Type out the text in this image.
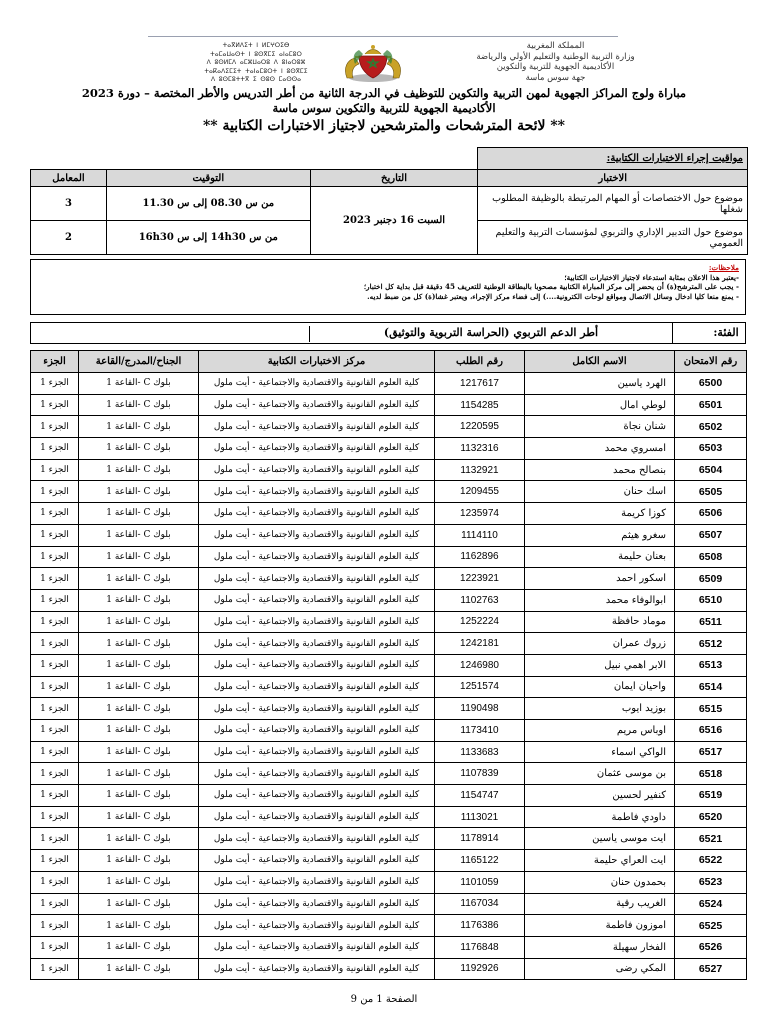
ⵜⴰⴳⵍⴷⵉⵜ ⵏ ⵍⵎⵖⵔⵉⴱ
ⵜⴰⵎⴰⵡⴰⵙⵜ ⵏ ⵓⵙⴳⵎⵉ ⴰⵏⴰⵎⵓⵔ
ⴷ ⵓⵙⵍⵎⴷ ⴰⵎⵣⵡⴰⵔⵓ ⴷ ⵓⵏⴰⵔⵓⵣ
ⵜⴰⴽⴰⴷⵉⵎⵉⵜ ⵜⴰⵏⴰⵎⵓⵔⵜ ⵏ ⵓⵙⴳⵎⵉ
ⴷ ⵓⵙⵎⵓⵜⵜⴳ ⵉ ⵙⵓⵙ ⵎⴰⵙⵙⴰ
المملكة المغربية
وزارة التربية الوطنية والتعليم الأولي والرياضة
الأكاديمية الجهوية للتربية والتكوين
جهة سوس ماسة
مباراة ولوج المراكز الجهوية لمهن التربية والتكوين للتوظيف في الدرجة الثانية من أطر التدريس والأطر المختصة – دورة 2023
الأكاديمية الجهوية للتربية والتكوين سوس ماسة
** لائحة المترشحات والمترشحين لاجتياز الاختبارات الكتابية **
مواقيت إجراء الاختبارات الكتابية:			
الاختبار	التاريخ	التوقيت	المعامل
موضوع حول الاختصاصات أو المهام المرتبطة بالوظيفة المطلوب شغلها	السبت 16 دجنبر 2023	من س 08.30 إلى س 11.30	3
موضوع حول التدبير الإداري والتربوي لمؤسسات التربية والتعليم العمومي		من س 14h30 إلى س 16h30	2
ملاحظات:
-يعتبر هذا الاعلان بمثابة استدعاء لاجتياز الاختبارات الكتابية؛
- يجب على المترشح(ة) أن يحضر إلى مركز المباراة الكتابية مصحوبا بالبطاقة الوطنية للتعريف 45 دقيقة قبل بداية كل اختبار؛
- يمنع منعا كليا ادخال وسائل الاتصال ومواقع لوحات الكترونية....) إلى فضاء مركز الإجراء، ويعتبر غشا(ة) كل من ضبط لديه.
الفئة:
أطر الدعم التربوي (الحراسة التربوية والتوثيق)
رقم الامتحان	الاسم الكامل	رقم الطلب	مركز الاختبارات الكتابية	الجناح/المدرج/القاعة	الجزء
6500	الهرد ياسين	1217617	كلية العلوم القانونية والاقتصادية والاجتماعية - أيت ملول	بلوك C -القاعة 1	الجزء 1
6501	لوطي امال	1154285	كلية العلوم القانونية والاقتصادية والاجتماعية - أيت ملول	بلوك C -القاعة 1	الجزء 1
6502	شنان نجاة	1220595	كلية العلوم القانونية والاقتصادية والاجتماعية - أيت ملول	بلوك C -القاعة 1	الجزء 1
6503	امسروي محمد	1132316	كلية العلوم القانونية والاقتصادية والاجتماعية - أيت ملول	بلوك C -القاعة 1	الجزء 1
6504	بنصالح محمد	1132921	كلية العلوم القانونية والاقتصادية والاجتماعية - أيت ملول	بلوك C -القاعة 1	الجزء 1
6505	اسك حنان	1209455	كلية العلوم القانونية والاقتصادية والاجتماعية - أيت ملول	بلوك C -القاعة 1	الجزء 1
6506	كوزا كريمة	1235974	كلية العلوم القانونية والاقتصادية والاجتماعية - أيت ملول	بلوك C -القاعة 1	الجزء 1
6507	سغرو هيثم	1114110	كلية العلوم القانونية والاقتصادية والاجتماعية - أيت ملول	بلوك C -القاعة 1	الجزء 1
6508	بعنان حليمة	1162896	كلية العلوم القانونية والاقتصادية والاجتماعية - أيت ملول	بلوك C -القاعة 1	الجزء 1
6509	اسكور احمد	1223921	كلية العلوم القانونية والاقتصادية والاجتماعية - أيت ملول	بلوك C -القاعة 1	الجزء 1
6510	ابوالوفاء محمد	1102763	كلية العلوم القانونية والاقتصادية والاجتماعية - أيت ملول	بلوك C -القاعة 1	الجزء 1
6511	موماد حافظة	1252224	كلية العلوم القانونية والاقتصادية والاجتماعية - أيت ملول	بلوك C -القاعة 1	الجزء 1
6512	زروك عمران	1242181	كلية العلوم القانونية والاقتصادية والاجتماعية - أيت ملول	بلوك C -القاعة 1	الجزء 1
6513	الابر اهمي نبيل	1246980	كلية العلوم القانونية والاقتصادية والاجتماعية - أيت ملول	بلوك C -القاعة 1	الجزء 1
6514	واحيان ايمان	1251574	كلية العلوم القانونية والاقتصادية والاجتماعية - أيت ملول	بلوك C -القاعة 1	الجزء 1
6515	بوزيد ايوب	1190498	كلية العلوم القانونية والاقتصادية والاجتماعية - أيت ملول	بلوك C -القاعة 1	الجزء 1
6516	اوباس مريم	1173410	كلية العلوم القانونية والاقتصادية والاجتماعية - أيت ملول	بلوك C -القاعة 1	الجزء 1
6517	الواكي اسماء	1133683	كلية العلوم القانونية والاقتصادية والاجتماعية - أيت ملول	بلوك C -القاعة 1	الجزء 1
6518	بن موسى عثمان	1107839	كلية العلوم القانونية والاقتصادية والاجتماعية - أيت ملول	بلوك C -القاعة 1	الجزء 1
6519	كنفير لحسين	1154747	كلية العلوم القانونية والاقتصادية والاجتماعية - أيت ملول	بلوك C -القاعة 1	الجزء 1
6520	داودي فاطمة	1113021	كلية العلوم القانونية والاقتصادية والاجتماعية - أيت ملول	بلوك C -القاعة 1	الجزء 1
6521	ايت موسى ياسين	1178914	كلية العلوم القانونية والاقتصادية والاجتماعية - أيت ملول	بلوك C -القاعة 1	الجزء 1
6522	ايت العراي حليمة	1165122	كلية العلوم القانونية والاقتصادية والاجتماعية - أيت ملول	بلوك C -القاعة 1	الجزء 1
6523	بحمدون حنان	1101059	كلية العلوم القانونية والاقتصادية والاجتماعية - أيت ملول	بلوك C -القاعة 1	الجزء 1
6524	الغريب رقية	1167034	كلية العلوم القانونية والاقتصادية والاجتماعية - أيت ملول	بلوك C -القاعة 1	الجزء 1
6525	اموزون فاطمة	1176386	كلية العلوم القانونية والاقتصادية والاجتماعية - أيت ملول	بلوك C -القاعة 1	الجزء 1
6526	الفخار سهيلة	1176848	كلية العلوم القانونية والاقتصادية والاجتماعية - أيت ملول	بلوك C -القاعة 1	الجزء 1
6527	المكي رضى	1192926	كلية العلوم القانونية والاقتصادية والاجتماعية - أيت ملول	بلوك C -القاعة 1	الجزء 1
الصفحة 1 من 9
